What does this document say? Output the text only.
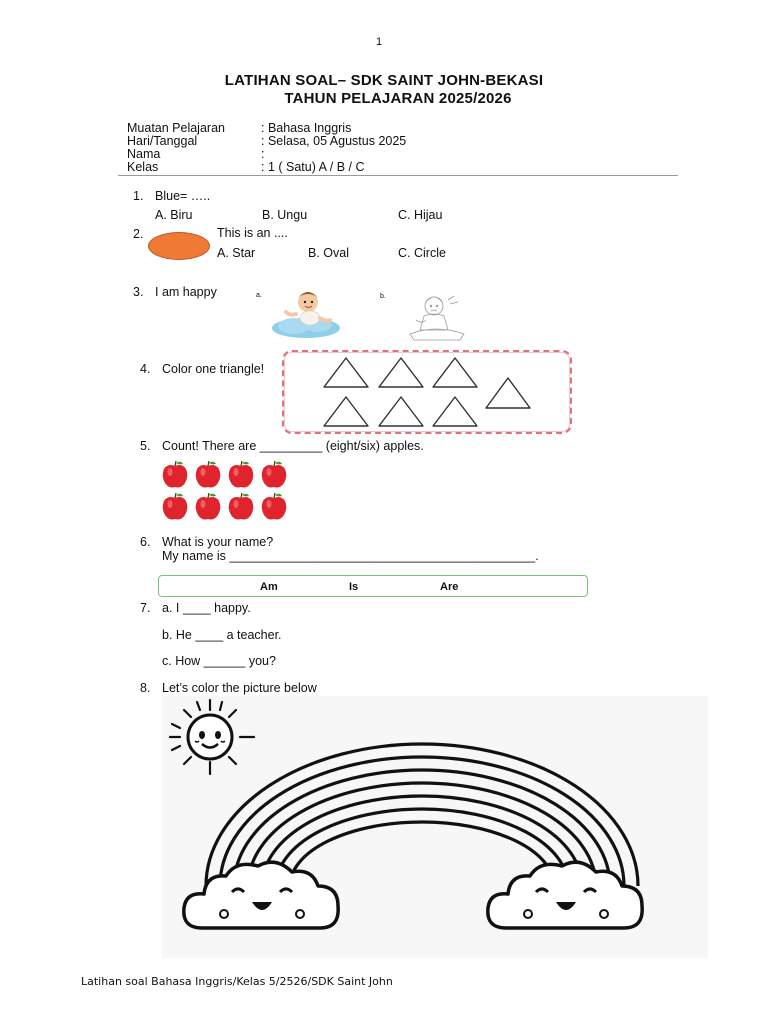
1
LATIHAN SOAL– SDK SAINT JOHN-BEKASI
TAHUN PELAJARAN 2025/2026
Muatan Pelajaran	: Bahasa Inggris
Hari/Tanggal	: Selasa, 05 Agustus 2025
Nama	:
Kelas	: 1 ( Satu) A / B / C
1. Blue= …..
A. Biru	B. Ungu	C. Hijau
2.	This is an ....
A. Star	B. Oval	C. Circle
3. I am happy	a.	b.
4. Color one triangle!
5. Count! There are _________ (eight/six) apples.
6. What is your name?
My name is ____________________________________________.
Am	Is	Are
7. a. I ____ happy.
b. He ____ a teacher.
c. How ______ you?
8. Let’s color the picture below
Latihan soal Bahasa Inggris/Kelas 5/2526/SDK Saint John
